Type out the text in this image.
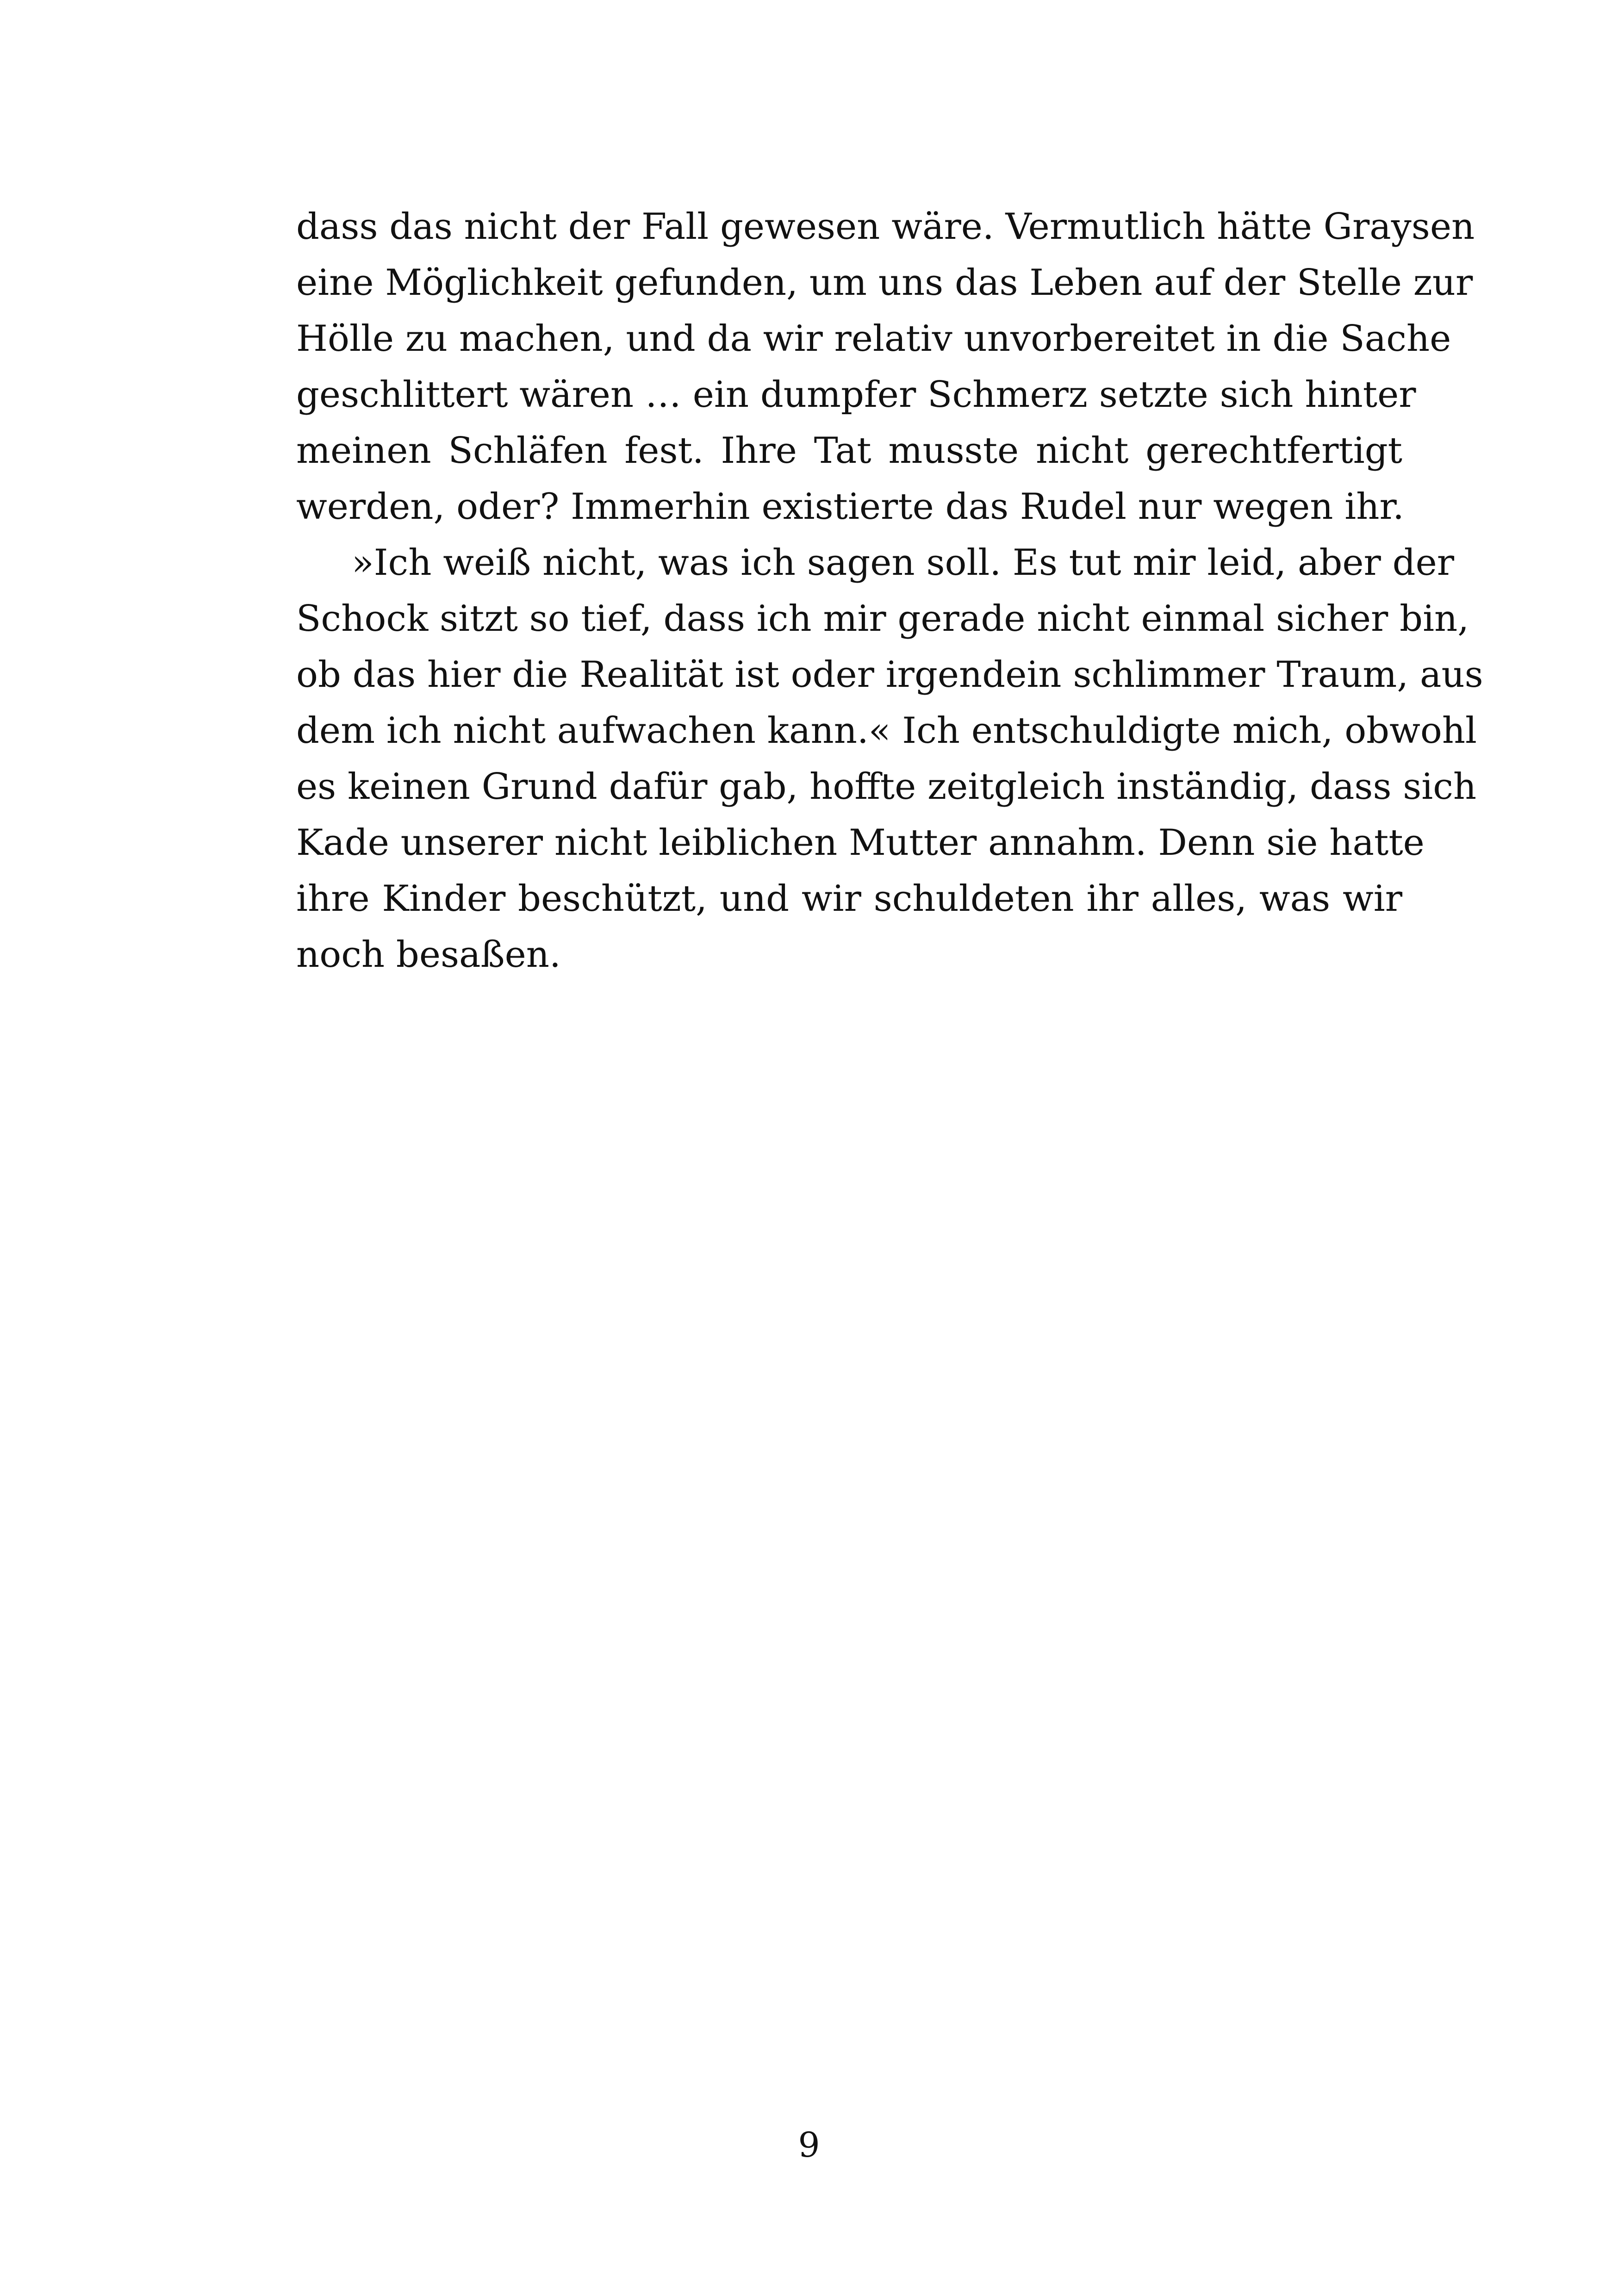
dass das nicht der Fall gewesen wäre. Vermutlich hätte Graysen
eine Möglichkeit gefunden, um uns das Leben auf der Stelle zur
Hölle zu machen, und da wir relativ unvorbereitet in die Sache
geschlittert wären … ein dumpfer Schmerz setzte sich hinter
meinen Schläfen fest. Ihre Tat musste nicht gerechtfertigt
werden, oder? Immerhin existierte das Rudel nur wegen ihr.
»Ich weiß nicht, was ich sagen soll. Es tut mir leid, aber der
Schock sitzt so tief, dass ich mir gerade nicht einmal sicher bin,
ob das hier die Realität ist oder irgendein schlimmer Traum, aus
dem ich nicht aufwachen kann.« Ich entschuldigte mich, obwohl
es keinen Grund dafür gab, hoffte zeitgleich inständig, dass sich
Kade unserer nicht leiblichen Mutter annahm. Denn sie hatte
ihre Kinder beschützt, und wir schuldeten ihr alles, was wir
noch besaßen.
9
